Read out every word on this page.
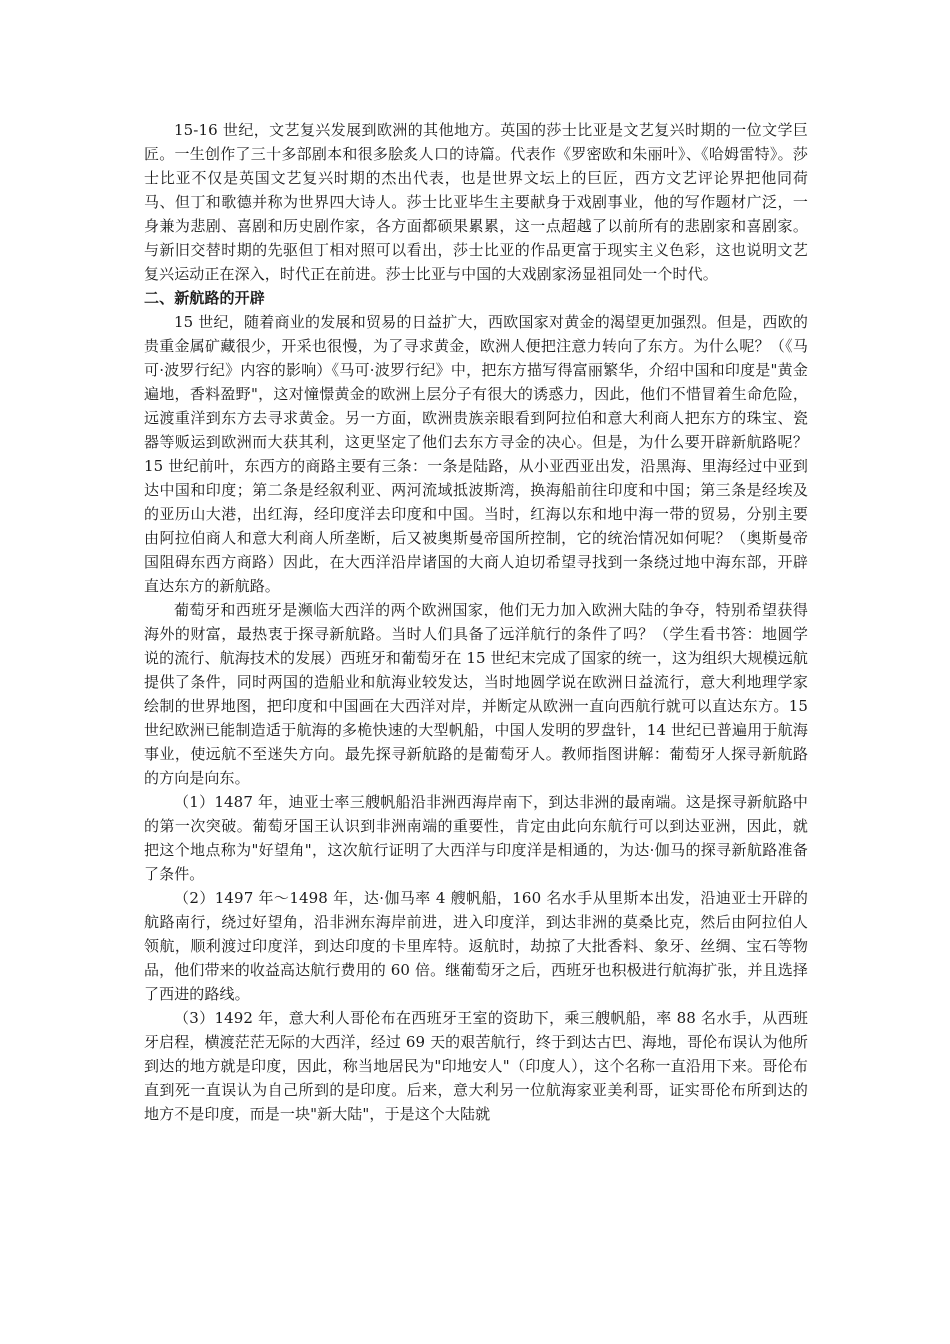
15-16 世纪，文艺复兴发展到欧洲的其他地方。英国的莎士比亚是文艺复兴时期的一位文学巨匠。一生创作了三十多部剧本和很多脍炙人口的诗篇。代表作《罗密欧和朱丽叶》、《哈姆雷特》。莎士比亚不仅是英国文艺复兴时期的杰出代表，也是世界文坛上的巨匠，西方文艺评论界把他同荷马、但丁和歌德并称为世界四大诗人。莎士比亚毕生主要献身于戏剧事业，他的写作题材广泛，一身兼为悲剧、喜剧和历史剧作家，各方面都硕果累累，这一点超越了以前所有的悲剧家和喜剧家。与新旧交替时期的先驱但丁相对照可以看出，莎士比亚的作品更富于现实主义色彩，这也说明文艺复兴运动正在深入，时代正在前进。莎士比亚与中国的大戏剧家汤显祖同处一个时代。

二、新航路的开辟

15 世纪，随着商业的发展和贸易的日益扩大，西欧国家对黄金的渴望更加强烈。但是，西欧的贵重金属矿藏很少，开采也很慢，为了寻求黄金，欧洲人便把注意力转向了东方。为什么呢？（《马可·波罗行纪》内容的影响）《马可·波罗行纪》中，把东方描写得富丽繁华，介绍中国和印度是"黄金遍地，香料盈野"，这对憧憬黄金的欧洲上层分子有很大的诱惑力，因此，他们不惜冒着生命危险，远渡重洋到东方去寻求黄金。另一方面，欧洲贵族亲眼看到阿拉伯和意大利商人把东方的珠宝、瓷器等贩运到欧洲而大获其利，这更坚定了他们去东方寻金的决心。但是，为什么要开辟新航路呢？15 世纪前叶，东西方的商路主要有三条：一条是陆路，从小亚西亚出发，沿黑海、里海经过中亚到达中国和印度；第二条是经叙利亚、两河流域抵波斯湾，换海船前往印度和中国；第三条是经埃及的亚历山大港，出红海，经印度洋去印度和中国。当时，红海以东和地中海一带的贸易，分别主要由阿拉伯商人和意大利商人所垄断，后又被奥斯曼帝国所控制，它的统治情况如何呢？（奥斯曼帝国阻碍东西方商路）因此，在大西洋沿岸诸国的大商人迫切希望寻找到一条绕过地中海东部，开辟直达东方的新航路。

葡萄牙和西班牙是濒临大西洋的两个欧洲国家，他们无力加入欧洲大陆的争夺，特别希望获得海外的财富，最热衷于探寻新航路。当时人们具备了远洋航行的条件了吗？（学生看书答：地圆学说的流行、航海技术的发展）西班牙和葡萄牙在 15 世纪末完成了国家的统一，这为组织大规模远航提供了条件，同时两国的造船业和航海业较发达，当时地圆学说在欧洲日益流行，意大利地理学家绘制的世界地图，把印度和中国画在大西洋对岸，并断定从欧洲一直向西航行就可以直达东方。15 世纪欧洲已能制造适于航海的多桅快速的大型帆船，中国人发明的罗盘针，14 世纪已普遍用于航海事业，使远航不至迷失方向。最先探寻新航路的是葡萄牙人。教师指图讲解：葡萄牙人探寻新航路的方向是向东。

（1）1487 年，迪亚士率三艘帆船沿非洲西海岸南下，到达非洲的最南端。这是探寻新航路中的第一次突破。葡萄牙国王认识到非洲南端的重要性，肯定由此向东航行可以到达亚洲，因此，就把这个地点称为"好望角"，这次航行证明了大西洋与印度洋是相通的，为达·伽马的探寻新航路准备了条件。

（2）1497 年～1498 年，达·伽马率 4 艘帆船，160 名水手从里斯本出发，沿迪亚士开辟的航路南行，绕过好望角，沿非洲东海岸前进，进入印度洋，到达非洲的莫桑比克，然后由阿拉伯人领航，顺利渡过印度洋，到达印度的卡里库特。返航时，劫掠了大批香料、象牙、丝绸、宝石等物品，他们带来的收益高达航行费用的 60 倍。继葡萄牙之后，西班牙也积极进行航海扩张，并且选择了西进的路线。

（3）1492 年，意大利人哥伦布在西班牙王室的资助下，乘三艘帆船，率 88 名水手，从西班牙启程，横渡茫茫无际的大西洋，经过 69 天的艰苦航行，终于到达古巴、海地，哥伦布误认为他所到达的地方就是印度，因此，称当地居民为"印地安人"（印度人），这个名称一直沿用下来。哥伦布直到死一直误认为自己所到的是印度。后来，意大利另一位航海家亚美利哥，证实哥伦布所到达的地方不是印度，而是一块"新大陆"，于是这个大陆就
